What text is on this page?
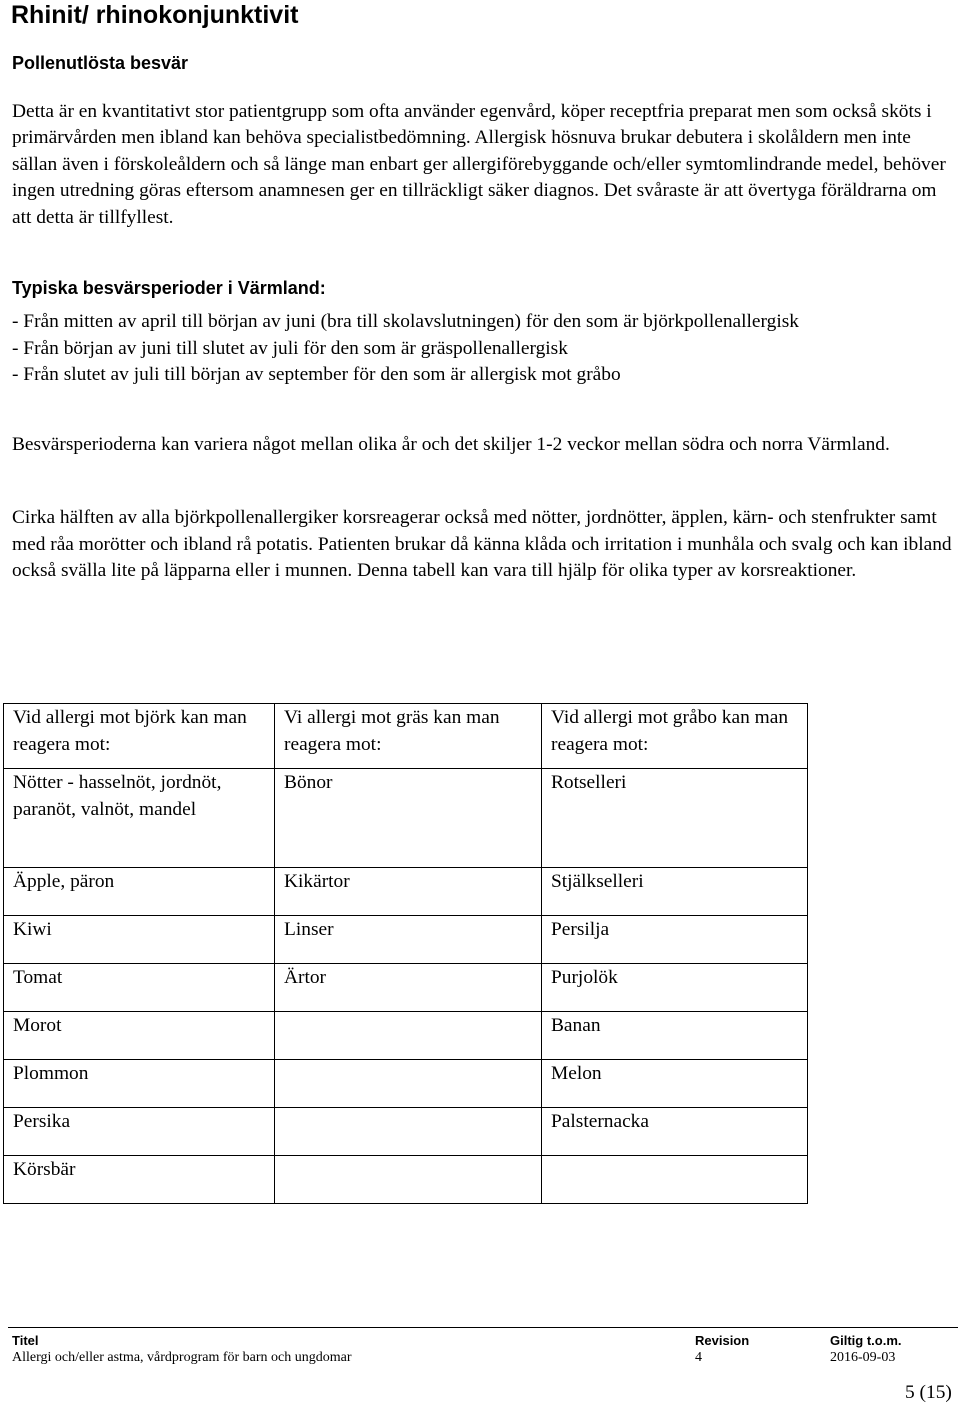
Rhinit/ rhinokonjunktivit
Pollenutlösta besvär
Detta är en kvantitativt stor patientgrupp som ofta använder egenvård, köper receptfria preparat men som också sköts i primärvården men ibland kan behöva specialistbedömning. Allergisk hösnuva brukar debutera i skolåldern men inte sällan även i förskoleåldern och så länge man enbart ger allergiförebyggande och/eller symtomlindrande medel, behöver ingen utredning göras eftersom anamnesen ger en tillräckligt säker diagnos. Det svåraste är att övertyga föräldrarna om att detta är tillfyllest.
Typiska besvärsperioder i Värmland:
- Från mitten av april till början av juni (bra till skolavslutningen) för den som är björkpollenallergisk
- Från början av juni till slutet av juli för den som är gräspollenallergisk
- Från slutet av juli till början av september för den som är allergisk mot gråbo
Besvärsperioderna kan variera något mellan olika år och det skiljer 1-2 veckor mellan södra och norra Värmland.
Cirka hälften av alla björkpollenallergiker korsreagerar också med nötter, jordnötter, äpplen, kärn- och stenfrukter samt med råa morötter och ibland rå potatis. Patienten brukar då känna klåda och irritation i munhåla och svalg och kan ibland också svälla lite på läpparna eller i munnen. Denna tabell kan vara till hjälp för olika typer av korsreaktioner.
Vid allergi mot björk kan man reagera mot:	Vi allergi mot gräs kan man reagera mot:	Vid allergi mot gråbo kan man reagera mot:
Nötter - hasselnöt, jordnöt, paranöt, valnöt, mandel	Bönor	Rotselleri
Äpple, päron	Kikärtor	Stjälkselleri
Kiwi	Linser	Persilja
Tomat	Ärtor	Purjolök
Morot		Banan
Plommon		Melon
Persika		Palsternacka
Körsbär		
Titel	Revision	Giltig t.o.m.
Allergi och/eller astma, vårdprogram för barn och ungdomar	4	2016-09-03
5 (15)
